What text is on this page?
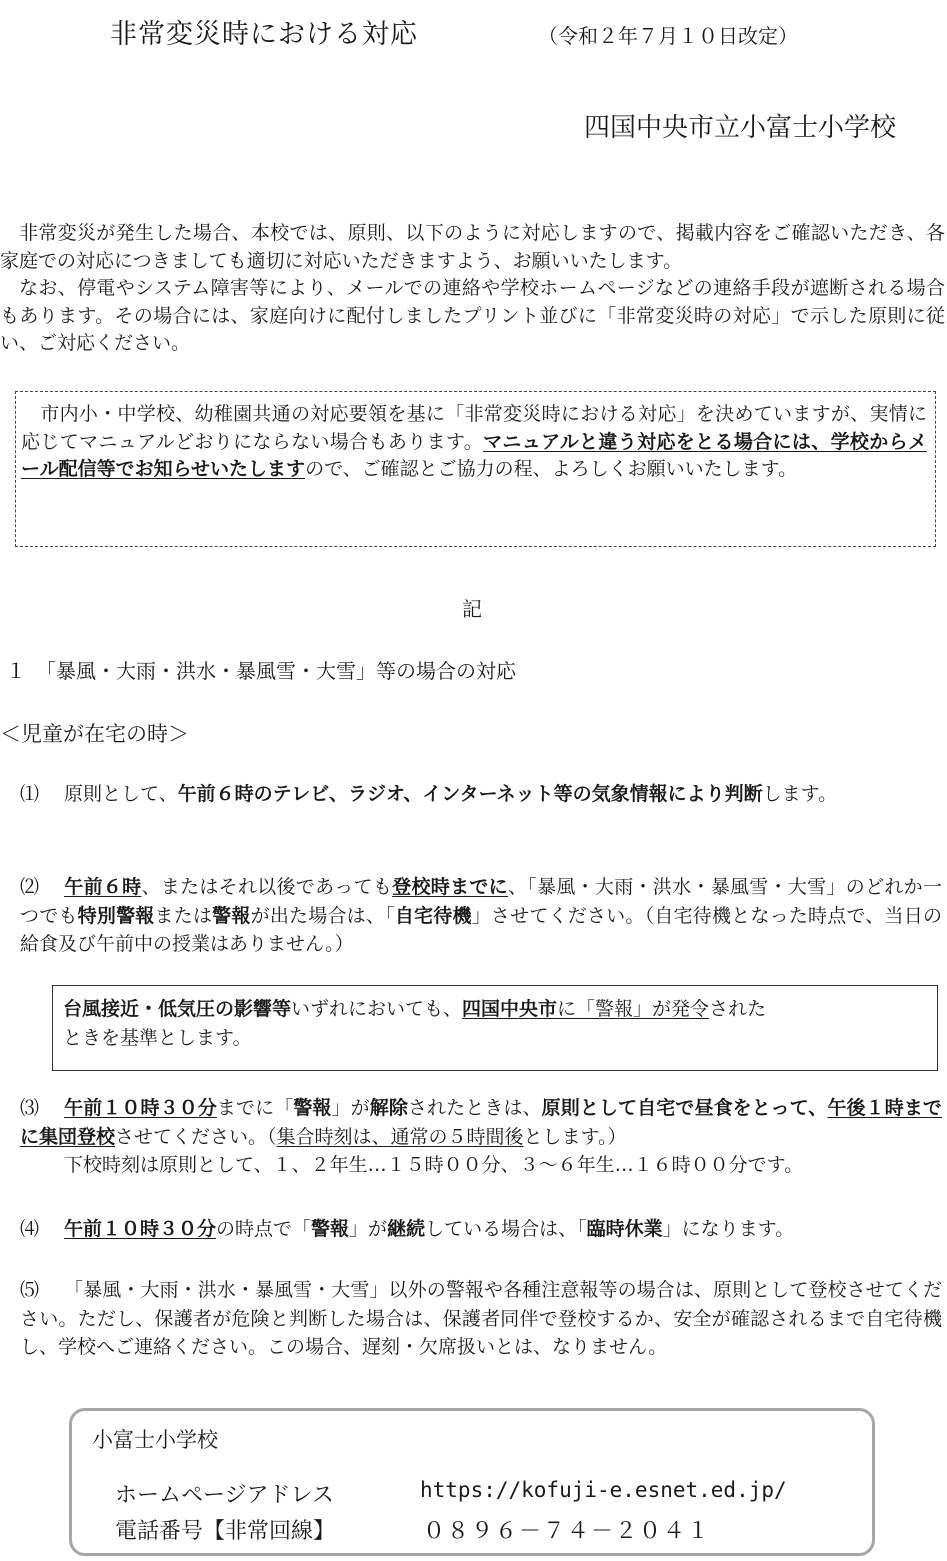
非常変災時における対応	（令和２年７月１０日改定）
四国中央市立小富士小学校

非常変災が発生した場合、本校では、原則、以下のように対応しますので、掲載内容をご確認いただき、各家庭での対応につきましても適切に対応いただきますよう、お願いいたします。

なお、停電やシステム障害等により、メールでの連絡や学校ホームページなどの連絡手段が遮断される場合もあります。その場合には、家庭向けに配付しましたプリント並びに「非常変災時の対応」で示した原則に従い、ご対応ください。

市内小・中学校、幼稚園共通の対応要領を基に「非常変災時における対応」を決めていますが、実情に応じてマニュアルどおりにならない場合もあります。マニュアルと違う対応をとる場合には、学校からメール配信等でお知らせいたしますので、ご確認とご協力の程、よろしくお願いいたします。
記
１　「暴風・大雨・洪水・暴風雪・大雪」等の場合の対応
＜児童が在宅の時＞
⑴ 原則として、午前６時のテレビ、ラジオ、インターネット等の気象情報により判断します。
⑵ 午前６時、またはそれ以後であっても登校時までに、「暴風・大雨・洪水・暴風雪・大雪」のどれか一つでも特別警報または警報が出た場合は、「自宅待機」させてください。（自宅待機となった時点で、当日の給食及び午前中の授業はありません。）
台風接近・低気圧の影響等いずれにおいても、四国中央市に「警報」が発令された
ときを基準とします。
⑶ 午前１０時３０分までに「警報」が解除されたときは、原則として自宅で昼食をとって、午後１時までに集団登校させてください。（集合時刻は、通常の５時間後とします。）
下校時刻は原則として、１、２年生…１５時００分、３～６年生…１６時００分です。
⑷ 午前１０時３０分の時点で「警報」が継続している場合は、「臨時休業」になります。
⑸ 「暴風・大雨・洪水・暴風雪・大雪」以外の警報や各種注意報等の場合は、原則として登校させてください。ただし、保護者が危険と判断した場合は、保護者同伴で登校するか、安全が確認されるまで自宅待機し、学校へご連絡ください。この場合、遅刻・欠席扱いとは、なりません。
小富士小学校
ホームページアドレス	https://kofuji-e.esnet.ed.jp/
電話番号【非常回線】	０８９６－７４－２０４１
